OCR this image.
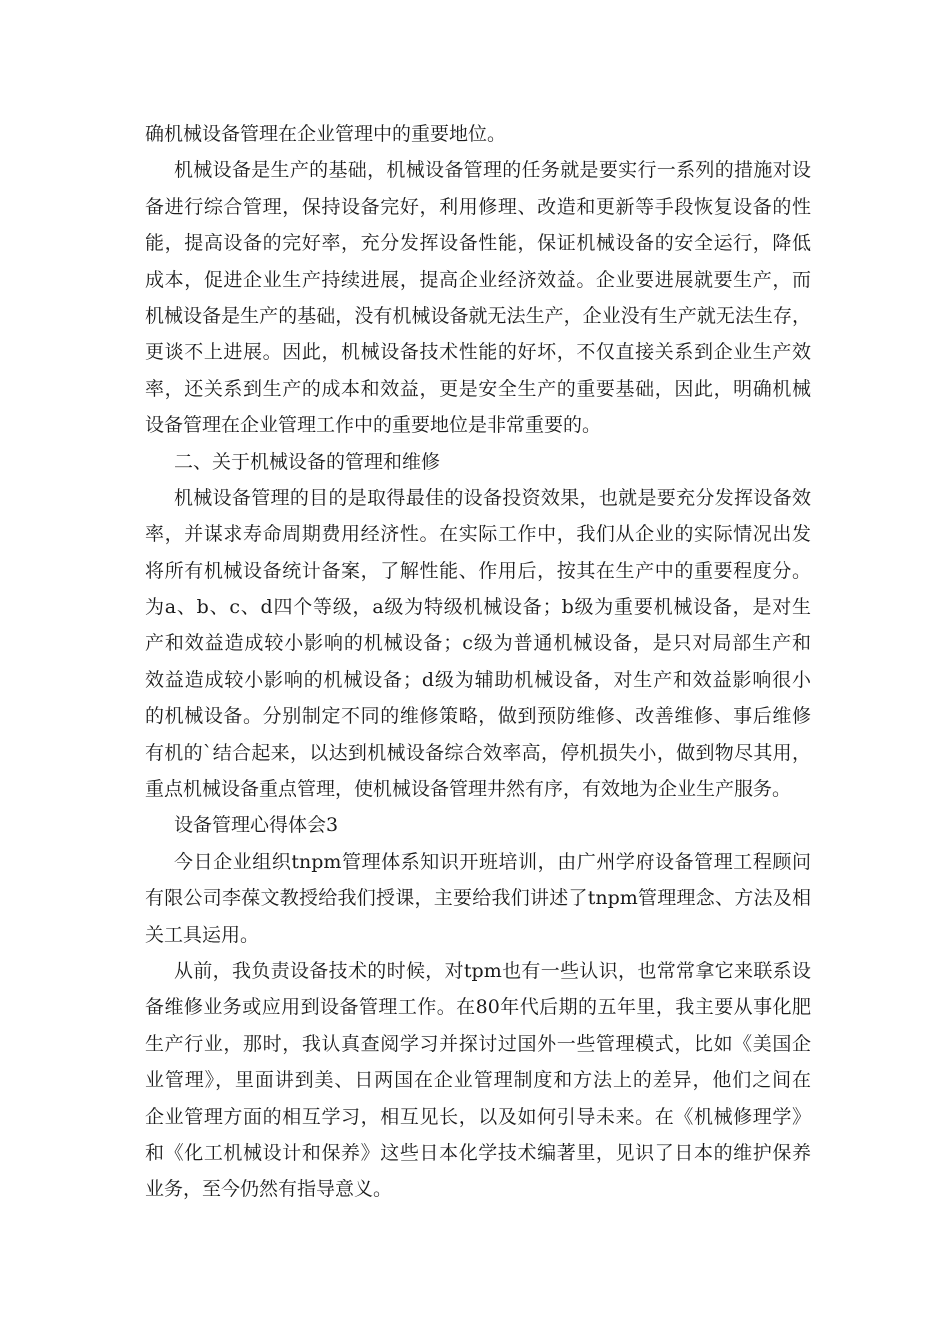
确机械设备管理在企业管理中的重要地位。
机械设备是生产的基础，机械设备管理的任务就是要实行一系列的措施对设
备进行综合管理，保持设备完好，利用修理、改造和更新等手段恢复设备的性
能，提高设备的完好率，充分发挥设备性能，保证机械设备的安全运行，降低
成本，促进企业生产持续进展，提高企业经济效益。企业要进展就要生产，而
机械设备是生产的基础，没有机械设备就无法生产，企业没有生产就无法生存，
更谈不上进展。因此，机械设备技术性能的好坏，不仅直接关系到企业生产效
率，还关系到生产的成本和效益，更是安全生产的重要基础，因此，明确机械
设备管理在企业管理工作中的重要地位是非常重要的。
二、关于机械设备的管理和维修
机械设备管理的目的是取得最佳的设备投资效果，也就是要充分发挥设备效
率，并谋求寿命周期费用经济性。在实际工作中，我们从企业的实际情况出发
将所有机械设备统计备案，了解性能、作用后，按其在生产中的重要程度分。
为a、b、c、d四个等级，a级为特级机械设备；b级为重要机械设备，是对生
产和效益造成较小影响的机械设备；c级为普通机械设备，是只对局部生产和
效益造成较小影响的机械设备；d级为辅助机械设备，对生产和效益影响很小
的机械设备。分别制定不同的维修策略，做到预防维修、改善维修、事后维修
有机的`结合起来，以达到机械设备综合效率高，停机损失小，做到物尽其用，
重点机械设备重点管理，使机械设备管理井然有序，有效地为企业生产服务。
设备管理心得体会3
今日企业组织tnpm管理体系知识开班培训，由广州学府设备管理工程顾问
有限公司李葆文教授给我们授课，主要给我们讲述了tnpm管理理念、方法及相
关工具运用。
从前，我负责设备技术的时候，对tpm也有一些认识，也常常拿它来联系设
备维修业务或应用到设备管理工作。在80年代后期的五年里，我主要从事化肥
生产行业，那时，我认真查阅学习并探讨过国外一些管理模式，比如《美国企
业管理》，里面讲到美、日两国在企业管理制度和方法上的差异，他们之间在
企业管理方面的相互学习，相互见长，以及如何引导未来。在《机械修理学》
和《化工机械设计和保养》这些日本化学技术编著里，见识了日本的维护保养
业务，至今仍然有指导意义。
